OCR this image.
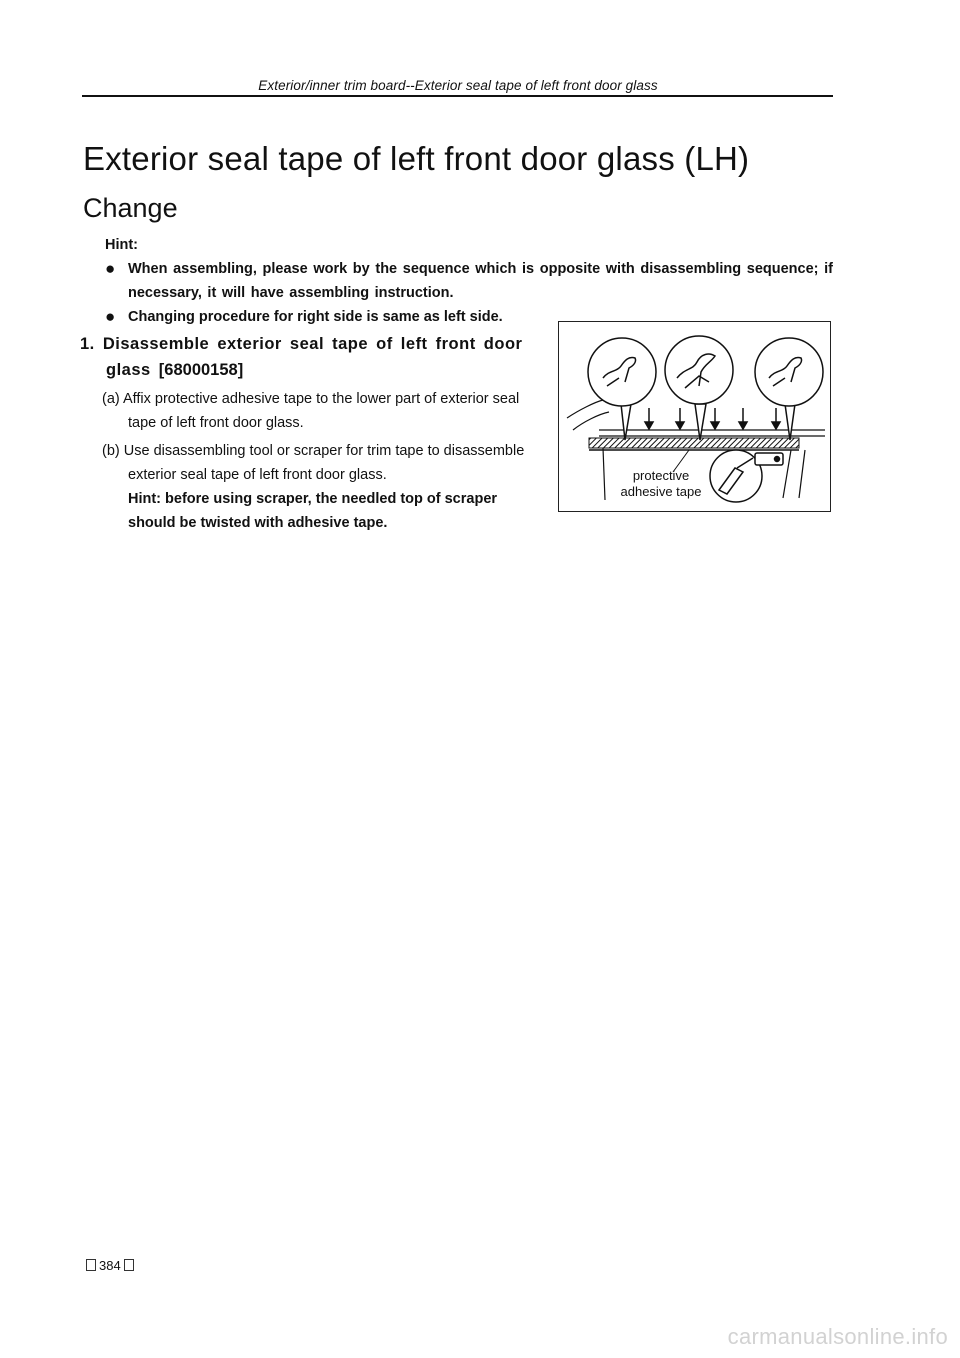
Exterior/inner trim board--Exterior seal tape of left front door glass
Exterior seal tape of left front door glass (LH)
Change
Hint:
● When assembling, please work by the sequence which is opposite with disassembling sequence; if necessary, it will have assembling instruction.
● Changing procedure for right side is same as left side.
1. Disassemble exterior seal tape of left front door glass [68000158]

(a) Affix protective adhesive tape to the lower part of exterior seal tape of left front door glass.

(b) Use disassembling tool or scraper for trim tape to disassemble exterior seal tape of left front door glass.

Hint: before using scraper, the needled top of scraper should be twisted with adhesive tape.

protective
adhesive tape
384
carmanualsonline.info
